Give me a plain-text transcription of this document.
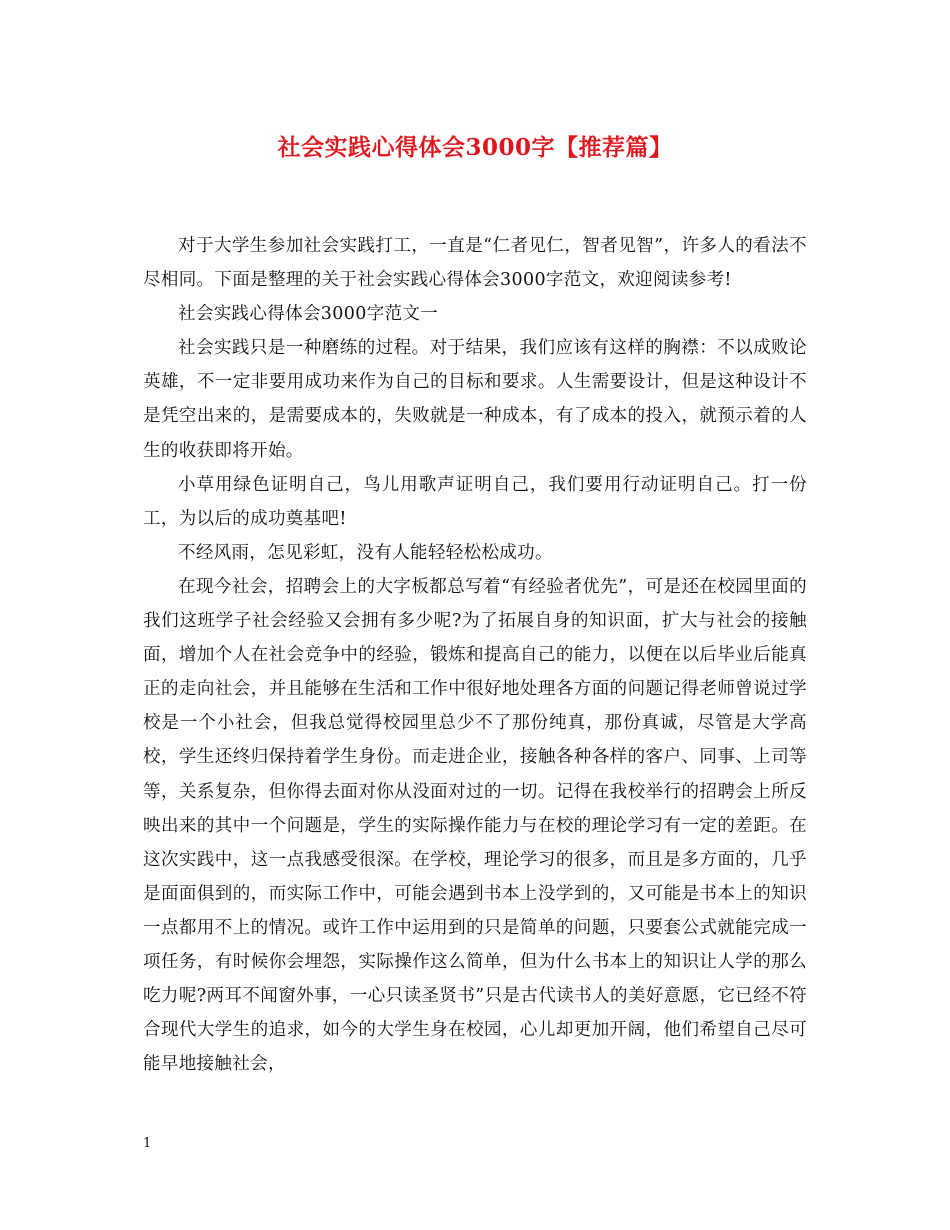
社会实践心得体会3000字【推荐篇】

对于大学生参加社会实践打工，一直是“仁者见仁，智者见智”，许多人的看法不尽相同。下面是整理的关于社会实践心得体会3000字范文，欢迎阅读参考!

社会实践心得体会3000字范文一

社会实践只是一种磨练的过程。对于结果，我们应该有这样的胸襟：不以成败论英雄，不一定非要用成功来作为自己的目标和要求。人生需要设计，但是这种设计不是凭空出来的，是需要成本的，失败就是一种成本，有了成本的投入，就预示着的人生的收获即将开始。

小草用绿色证明自己，鸟儿用歌声证明自己，我们要用行动证明自己。打一份工，为以后的成功奠基吧!

不经风雨，怎见彩虹，没有人能轻轻松松成功。

在现今社会，招聘会上的大字板都总写着“有经验者优先”，可是还在校园里面的我们这班学子社会经验又会拥有多少呢?为了拓展自身的知识面，扩大与社会的接触面，增加个人在社会竞争中的经验，锻炼和提高自己的能力，以便在以后毕业后能真正的走向社会，并且能够在生活和工作中很好地处理各方面的问题记得老师曾说过学校是一个小社会，但我总觉得校园里总少不了那份纯真，那份真诚，尽管是大学高校，学生还终归保持着学生身份。而走进企业，接触各种各样的客户、同事、上司等等，关系复杂，但你得去面对你从没面对过的一切。记得在我校举行的招聘会上所反映出来的其中一个问题是，学生的实际操作能力与在校的理论学习有一定的差距。在这次实践中，这一点我感受很深。在学校，理论学习的很多，而且是多方面的，几乎是面面俱到的，而实际工作中，可能会遇到书本上没学到的，又可能是书本上的知识一点都用不上的情况。或许工作中运用到的只是简单的问题，只要套公式就能完成一项任务，有时候你会埋怨，实际操作这么简单，但为什么书本上的知识让人学的那么吃力呢?两耳不闻窗外事，一心只读圣贤书”只是古代读书人的美好意愿，它已经不符合现代大学生的追求，如今的大学生身在校园，心儿却更加开阔，他们希望自己尽可能早地接触社会，

1
